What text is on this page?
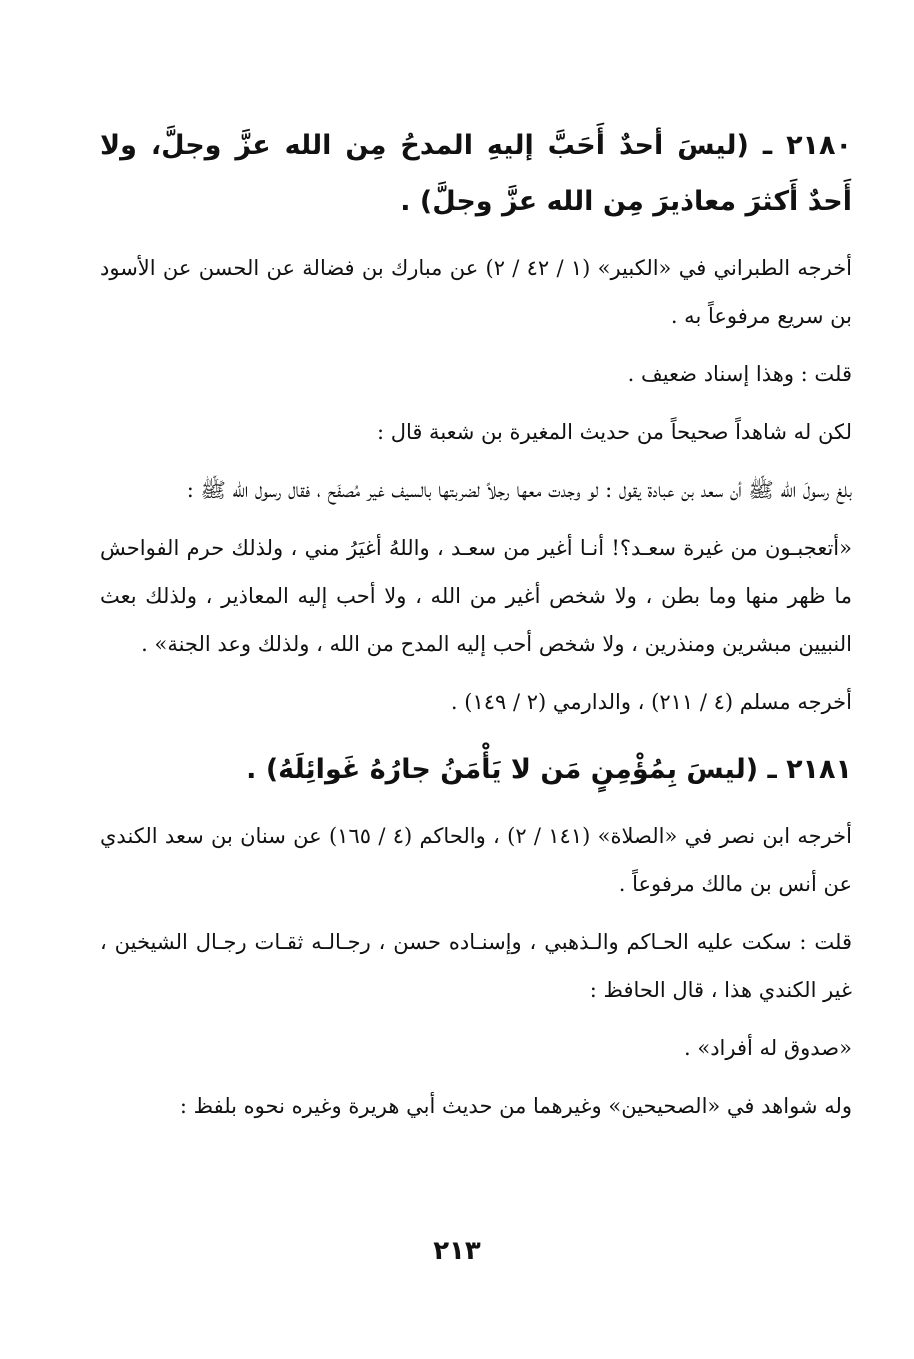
٢١٨٠ ـ (ليسَ أحدٌ أَحَبَّ إليهِ المدحُ مِن الله عزَّ وجلَّ، ولا أَحدٌ أَكثرَ معاذيرَ مِن الله عزَّ وجلَّ) .
أخرجه الطبراني في «الكبير» (١ / ٤٢ / ٢) عن مبارك بن فضالة عن الحسن عن الأسود بن سريع مرفوعاً به .
قلت : وهذا إسناد ضعيف .
لكن له شاهداً صحيحاً من حديث المغيرة بن شعبة قال :
بلغ رسولَ الله ﷺ أن سعد بن عبادة يقول : لو وجدت معها رجلاً لضربتها بالسيف غير مُصفَح ، فقال رسول الله ﷺ :
«أتعجبـون من غيرة سعـد؟! أنـا أغير من سعـد ، واللهُ أغيَرُ مني ، ولذلك حرم الفواحش ما ظهر منها وما بطن ، ولا شخص أغير من الله ، ولا أحب إليه المعاذير ، ولذلك بعث النبيين مبشرين ومنذرين ، ولا شخص أحب إليه المدح من الله ، ولذلك وعد الجنة» .
أخرجه مسلم (٤ / ٢١١) ، والدارمي (٢ / ١٤٩) .
٢١٨١ ـ (ليسَ بِمُؤْمِنٍ مَن لا يَأْمَنُ جارُهُ غَوائِلَهُ) .
أخرجه ابن نصر في «الصلاة» (١٤١ / ٢) ، والحاكم (٤ / ١٦٥) عن سنان بن سعد الكندي عن أنس بن مالك مرفوعاً .
قلت : سكت عليه الحـاكم والـذهبي ، وإسنـاده حسن ، رجـالـه ثقـات رجـال الشيخين ، غير الكندي هذا ، قال الحافظ :
«صدوق له أفراد» .
وله شواهد في «الصحيحين» وغيرهما من حديث أبي هريرة وغيره نحوه بلفظ :
٢١٣
